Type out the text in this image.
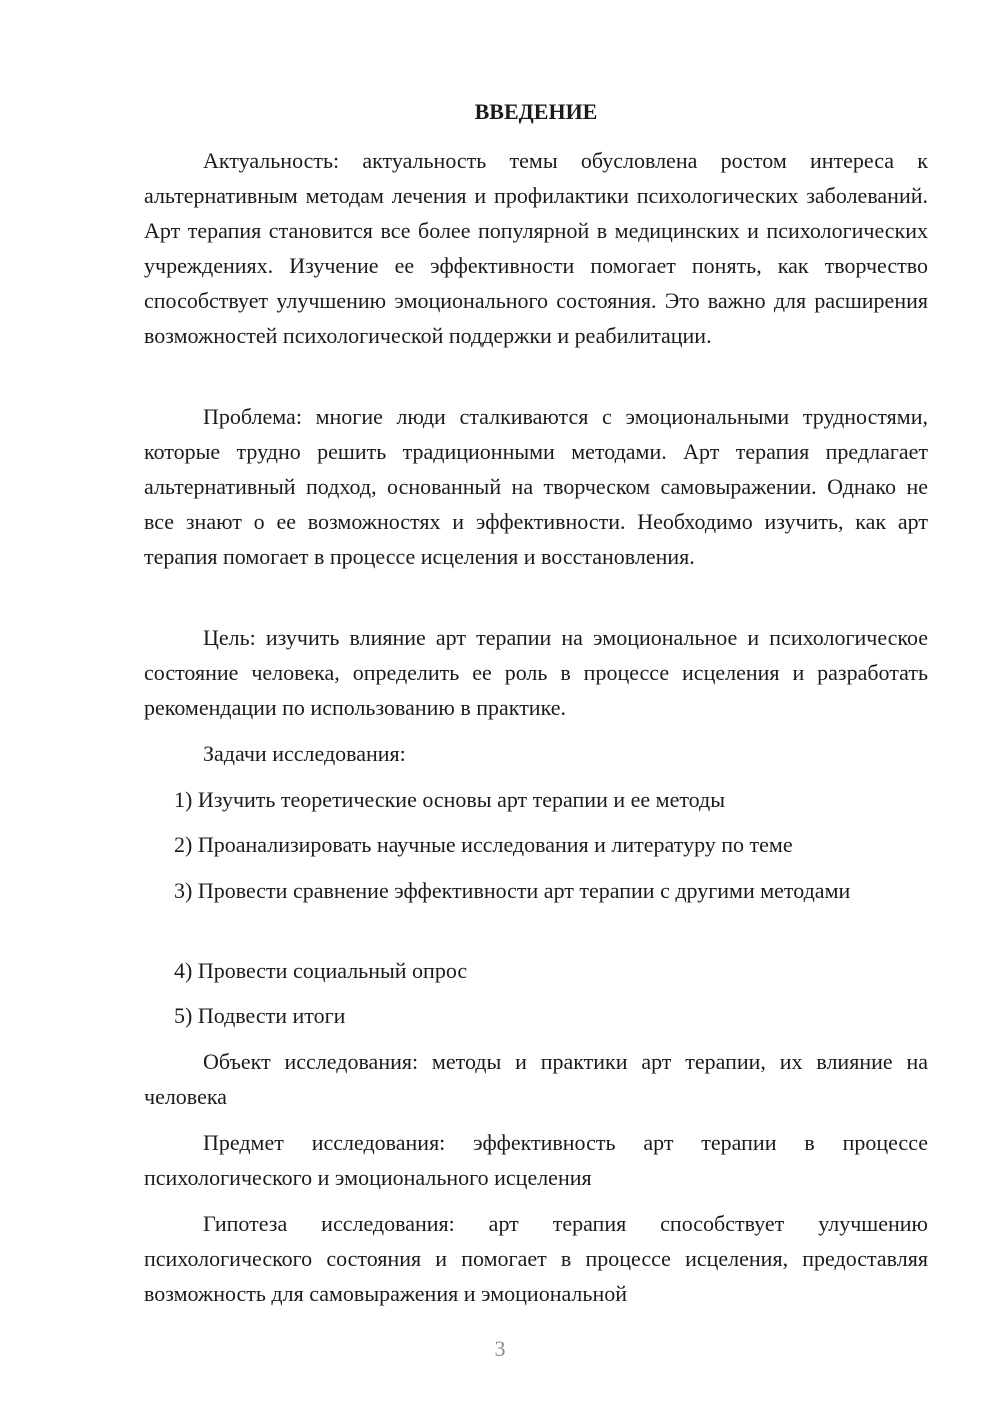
ВВЕДЕНИЕ

Актуальность: актуальность темы обусловлена ростом интереса к альтернативным методам лечения и профилактики психологических заболеваний. Арт терапия становится все более популярной в медицинских и психологических учреждениях. Изучение ее эффективности помогает понять, как творчество способствует улучшению эмоционального состояния. Это важно для расширения возможностей психологической поддержки и реабилитации.

Проблема: многие люди сталкиваются с эмоциональными трудностями, которые трудно решить традиционными методами. Арт терапия предлагает альтернативный подход, основанный на творческом самовыражении. Однако не все знают о ее возможностях и эффективности. Необходимо изучить, как арт терапия помогает в процессе исцеления и восстановления.

Цель: изучить влияние арт терапии на эмоциональное и психологическое состояние человека, определить ее роль в процессе исцеления и разработать рекомендации по использованию в практике.

Задачи исследования:

1) Изучить теоретические основы арт терапии и ее методы

2) Проанализировать научные исследования и литературу по теме

3) Провести сравнение эффективности арт терапии с другими методами

4) Провести социальный опрос

5) Подвести итоги

Объект исследования: методы и практики арт терапии, их влияние на человека

Предмет исследования: эффективность арт терапии в процессе психологического и эмоционального исцеления

Гипотеза исследования: арт терапия способствует улучшению психологического состояния и помогает в процессе исцеления, предоставляя возможность для самовыражения и эмоциональной

3
